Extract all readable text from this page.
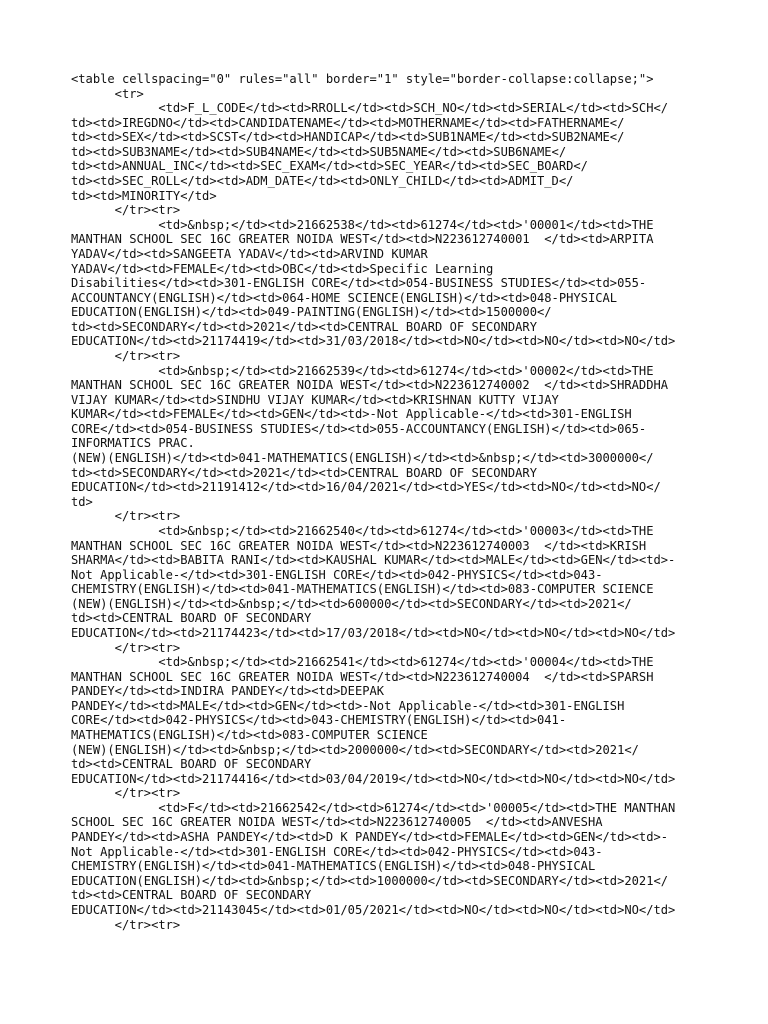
<table cellspacing="0" rules="all" border="1" style="border-collapse:collapse;">
<tr>
<td>F_L_CODE</td><td>RROLL</td><td>SCH_NO</td><td>SERIAL</td><td>SCH</
td><td>IREGDNO</td><td>CANDIDATENAME</td><td>MOTHERNAME</td><td>FATHERNAME</
td><td>SEX</td><td>SCST</td><td>HANDICAP</td><td>SUB1NAME</td><td>SUB2NAME</
td><td>SUB3NAME</td><td>SUB4NAME</td><td>SUB5NAME</td><td>SUB6NAME</
td><td>ANNUAL_INC</td><td>SEC_EXAM</td><td>SEC_YEAR</td><td>SEC_BOARD</
td><td>SEC_ROLL</td><td>ADM_DATE</td><td>ONLY_CHILD</td><td>ADMIT_D</
td><td>MINORITY</td>
</tr><tr>
<td>&nbsp;</td><td>21662538</td><td>61274</td><td>'00001</td><td>THE
MANTHAN SCHOOL SEC 16C GREATER NOIDA WEST</td><td>N223612740001  </td><td>ARPITA
YADAV</td><td>SANGEETA YADAV</td><td>ARVIND KUMAR
YADAV</td><td>FEMALE</td><td>OBC</td><td>Specific Learning
Disabilities</td><td>301-ENGLISH CORE</td><td>054-BUSINESS STUDIES</td><td>055-
ACCOUNTANCY(ENGLISH)</td><td>064-HOME SCIENCE(ENGLISH)</td><td>048-PHYSICAL
EDUCATION(ENGLISH)</td><td>049-PAINTING(ENGLISH)</td><td>1500000</
td><td>SECONDARY</td><td>2021</td><td>CENTRAL BOARD OF SECONDARY
EDUCATION</td><td>21174419</td><td>31/03/2018</td><td>NO</td><td>NO</td><td>NO</td>
</tr><tr>
<td>&nbsp;</td><td>21662539</td><td>61274</td><td>'00002</td><td>THE
MANTHAN SCHOOL SEC 16C GREATER NOIDA WEST</td><td>N223612740002  </td><td>SHRADDHA
VIJAY KUMAR</td><td>SINDHU VIJAY KUMAR</td><td>KRISHNAN KUTTY VIJAY
KUMAR</td><td>FEMALE</td><td>GEN</td><td>-Not Applicable-</td><td>301-ENGLISH
CORE</td><td>054-BUSINESS STUDIES</td><td>055-ACCOUNTANCY(ENGLISH)</td><td>065-
INFORMATICS PRAC.
(NEW)(ENGLISH)</td><td>041-MATHEMATICS(ENGLISH)</td><td>&nbsp;</td><td>3000000</
td><td>SECONDARY</td><td>2021</td><td>CENTRAL BOARD OF SECONDARY
EDUCATION</td><td>21191412</td><td>16/04/2021</td><td>YES</td><td>NO</td><td>NO</
td>
</tr><tr>
<td>&nbsp;</td><td>21662540</td><td>61274</td><td>'00003</td><td>THE
MANTHAN SCHOOL SEC 16C GREATER NOIDA WEST</td><td>N223612740003  </td><td>KRISH
SHARMA</td><td>BABITA RANI</td><td>KAUSHAL KUMAR</td><td>MALE</td><td>GEN</td><td>-
Not Applicable-</td><td>301-ENGLISH CORE</td><td>042-PHYSICS</td><td>043-
CHEMISTRY(ENGLISH)</td><td>041-MATHEMATICS(ENGLISH)</td><td>083-COMPUTER SCIENCE
(NEW)(ENGLISH)</td><td>&nbsp;</td><td>600000</td><td>SECONDARY</td><td>2021</
td><td>CENTRAL BOARD OF SECONDARY
EDUCATION</td><td>21174423</td><td>17/03/2018</td><td>NO</td><td>NO</td><td>NO</td>
</tr><tr>
<td>&nbsp;</td><td>21662541</td><td>61274</td><td>'00004</td><td>THE
MANTHAN SCHOOL SEC 16C GREATER NOIDA WEST</td><td>N223612740004  </td><td>SPARSH
PANDEY</td><td>INDIRA PANDEY</td><td>DEEPAK
PANDEY</td><td>MALE</td><td>GEN</td><td>-Not Applicable-</td><td>301-ENGLISH
CORE</td><td>042-PHYSICS</td><td>043-CHEMISTRY(ENGLISH)</td><td>041-
MATHEMATICS(ENGLISH)</td><td>083-COMPUTER SCIENCE
(NEW)(ENGLISH)</td><td>&nbsp;</td><td>2000000</td><td>SECONDARY</td><td>2021</
td><td>CENTRAL BOARD OF SECONDARY
EDUCATION</td><td>21174416</td><td>03/04/2019</td><td>NO</td><td>NO</td><td>NO</td>
</tr><tr>
<td>F</td><td>21662542</td><td>61274</td><td>'00005</td><td>THE MANTHAN
SCHOOL SEC 16C GREATER NOIDA WEST</td><td>N223612740005  </td><td>ANVESHA
PANDEY</td><td>ASHA PANDEY</td><td>D K PANDEY</td><td>FEMALE</td><td>GEN</td><td>-
Not Applicable-</td><td>301-ENGLISH CORE</td><td>042-PHYSICS</td><td>043-
CHEMISTRY(ENGLISH)</td><td>041-MATHEMATICS(ENGLISH)</td><td>048-PHYSICAL
EDUCATION(ENGLISH)</td><td>&nbsp;</td><td>1000000</td><td>SECONDARY</td><td>2021</
td><td>CENTRAL BOARD OF SECONDARY
EDUCATION</td><td>21143045</td><td>01/05/2021</td><td>NO</td><td>NO</td><td>NO</td>
</tr><tr>
